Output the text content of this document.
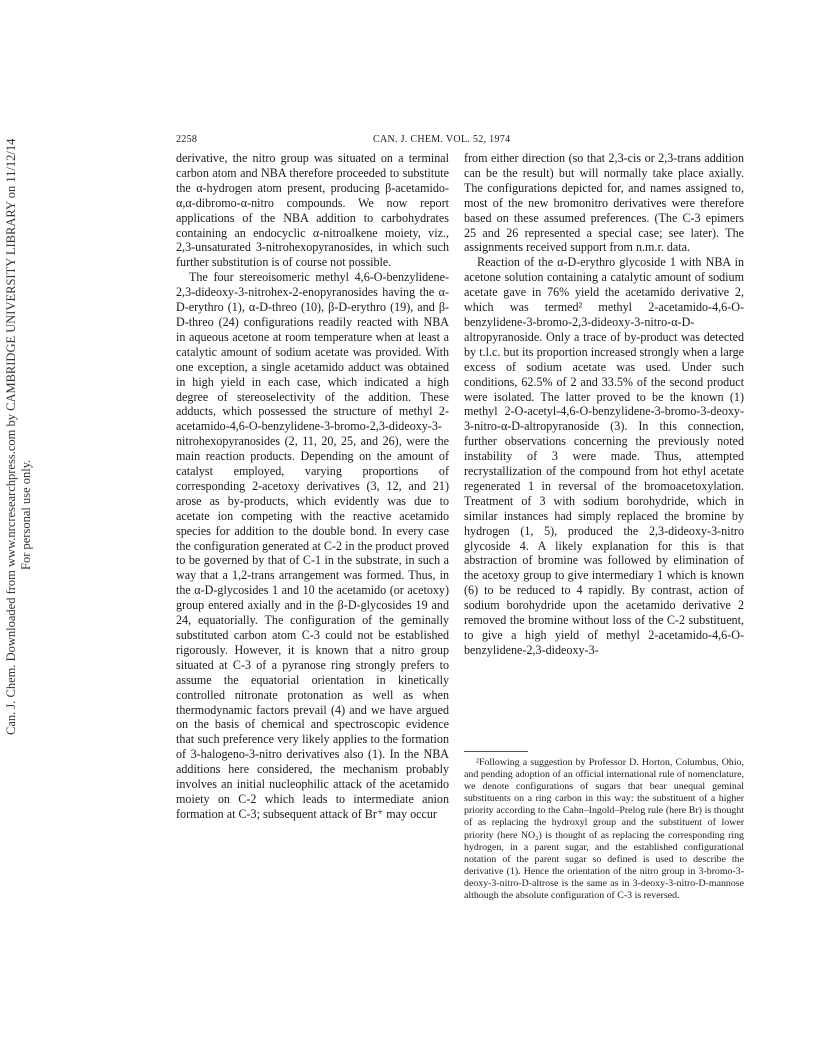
Can. J. Chem. Downloaded from www.nrcresearchpress.com by CAMBRIDGE UNIVERSITY LIBRARY on 11/12/14 For personal use only.
2258	CAN. J. CHEM. VOL. 52, 1974

derivative, the nitro group was situated on a terminal carbon atom and NBA therefore proceeded to substitute the α-hydrogen atom present, producing β-acetamido-α,α-dibromo-α-nitro compounds. We now report applications of the NBA addition to carbohydrates containing an endocyclic α-nitroalkene moiety, viz., 2,3-unsaturated 3-nitrohexopyranosides, in which such further substitution is of course not possible.

The four stereoisomeric methyl 4,6-O-benzylidene-2,3-dideoxy-3-nitrohex-2-enopyranosides having the α-D-erythro (1), α-D-threo (10), β-D-erythro (19), and β-D-threo (24) configurations readily reacted with NBA in aqueous acetone at room temperature when at least a catalytic amount of sodium acetate was provided. With one exception, a single acetamido adduct was obtained in high yield in each case, which indicated a high degree of stereoselectivity of the addition. These adducts, which possessed the structure of methyl 2-acetamido-4,6-O-benzylidene-3-bromo-2,3-dideoxy-3-nitrohexopyranosides (2, 11, 20, 25, and 26), were the main reaction products. Depending on the amount of catalyst employed, varying proportions of corresponding 2-acetoxy derivatives (3, 12, and 21) arose as by-products, which evidently was due to acetate ion competing with the reactive acetamido species for addition to the double bond. In every case the configuration generated at C-2 in the product proved to be governed by that of C-1 in the substrate, in such a way that a 1,2-trans arrangement was formed. Thus, in the α-D-glycosides 1 and 10 the acetamido (or acetoxy) group entered axially and in the β-D-glycosides 19 and 24, equatorially. The configuration of the geminally substituted carbon atom C-3 could not be established rigorously. However, it is known that a nitro group situated at C-3 of a pyranose ring strongly prefers to assume the equatorial orientation in kinetically controlled nitronate protonation as well as when thermodynamic factors prevail (4) and we have argued on the basis of chemical and spectroscopic evidence that such preference very likely applies to the formation of 3-halogeno-3-nitro derivatives also (1). In the NBA additions here considered, the mechanism probably involves an initial nucleophilic attack of the acetamido moiety on C-2 which leads to intermediate anion formation at C-3; subsequent attack of Br⁺ may occur

from either direction (so that 2,3-cis or 2,3-trans addition can be the result) but will normally take place axially. The configurations depicted for, and names assigned to, most of the new bromonitro derivatives were therefore based on these assumed preferences. (The C-3 epimers 25 and 26 represented a special case; see later). The assignments received support from n.m.r. data.

Reaction of the α-D-erythro glycoside 1 with NBA in acetone solution containing a catalytic amount of sodium acetate gave in 76% yield the acetamido derivative 2, which was termed² methyl 2-acetamido-4,6-O-benzylidene-3-bromo-2,3-dideoxy-3-nitro-α-D-altropyranoside. Only a trace of by-product was detected by t.l.c. but its proportion increased strongly when a large excess of sodium acetate was used. Under such conditions, 62.5% of 2 and 33.5% of the second product were isolated. The latter proved to be the known (1) methyl 2-O-acetyl-4,6-O-benzylidene-3-bromo-3-deoxy-3-nitro-α-D-altropyranoside (3). In this connection, further observations concerning the previously noted instability of 3 were made. Thus, attempted recrystallization of the compound from hot ethyl acetate regenerated 1 in reversal of the bromoacetoxylation. Treatment of 3 with sodium borohydride, which in similar instances had simply replaced the bromine by hydrogen (1, 5), produced the 2,3-dideoxy-3-nitro glycoside 4. A likely explanation for this is that abstraction of bromine was followed by elimination of the acetoxy group to give intermediary 1 which is known (6) to be reduced to 4 rapidly. By contrast, action of sodium borohydride upon the acetamido derivative 2 removed the bromine without loss of the C-2 substituent, to give a high yield of methyl 2-acetamido-4,6-O-benzylidene-2,3-dideoxy-3-

²Following a suggestion by Professor D. Horton, Columbus, Ohio, and pending adoption of an official international rule of nomenclature, we denote configurations of sugars that bear unequal geminal substituents on a ring carbon in this way: the substituent of a higher priority according to the Cahn–Ingold–Prelog rule (here Br) is thought of as replacing the hydroxyl group and the substituent of lower priority (here NO₂) is thought of as replacing the corresponding ring hydrogen, in a parent sugar, and the established configurational notation of the parent sugar so defined is used to describe the derivative (1). Hence the orientation of the nitro group in 3-bromo-3-deoxy-3-nitro-D-altrose is the same as in 3-deoxy-3-nitro-D-mannose although the absolute configuration of C-3 is reversed.
